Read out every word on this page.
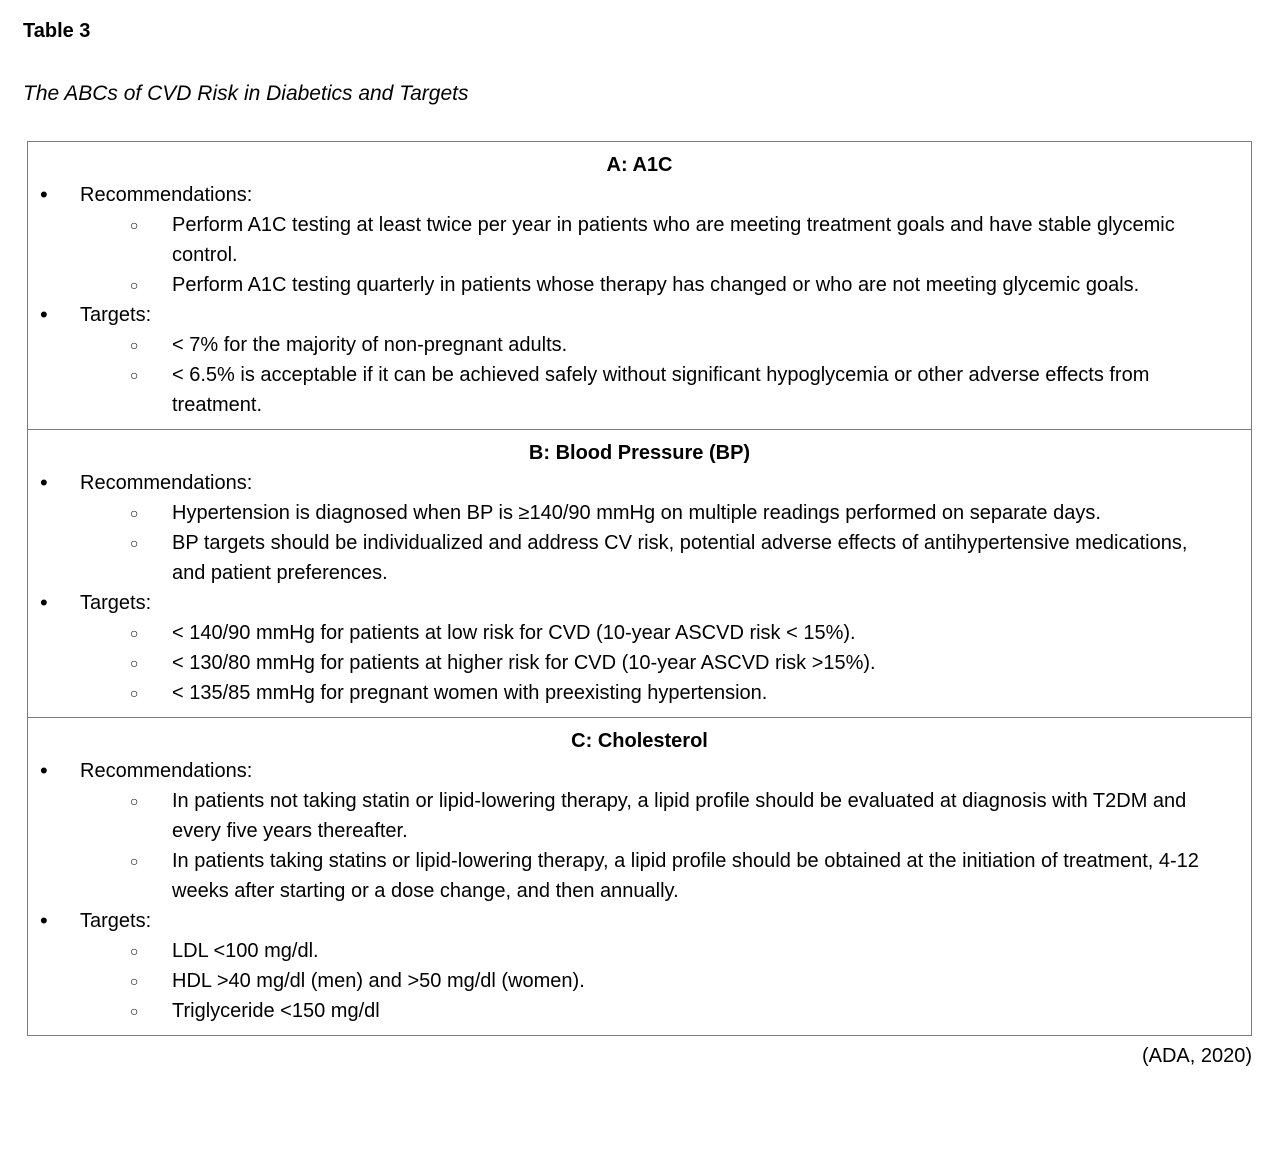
Table 3
The ABCs of CVD Risk in Diabetics and Targets
A: A1C
•	Recommendations:
○	Perform A1C testing at least twice per year in patients who are meeting treatment goals and have stable glycemic control.
○	Perform A1C testing quarterly in patients whose therapy has changed or who are not meeting glycemic goals.
•	Targets:
○	< 7% for the majority of non-pregnant adults.
○	< 6.5% is acceptable if it can be achieved safely without significant hypoglycemia or other adverse effects from treatment.
B: Blood Pressure (BP)
•	Recommendations:
○	Hypertension is diagnosed when BP is ≥140/90 mmHg on multiple readings performed on separate days.
○	BP targets should be individualized and address CV risk, potential adverse effects of antihypertensive medications, and patient preferences.
•	Targets:
○	< 140/90 mmHg for patients at low risk for CVD (10-year ASCVD risk < 15%).
○	< 130/80 mmHg for patients at higher risk for CVD (10-year ASCVD risk >15%).
○	< 135/85 mmHg for pregnant women with preexisting hypertension.
C: Cholesterol
•	Recommendations:
○	In patients not taking statin or lipid-lowering therapy, a lipid profile should be evaluated at diagnosis with T2DM and every five years thereafter.
○	In patients taking statins or lipid-lowering therapy, a lipid profile should be obtained at the initiation of treatment, 4-12 weeks after starting or a dose change, and then annually.
•	Targets:
○	LDL <100 mg/dl.
○	HDL >40 mg/dl (men) and >50 mg/dl (women).
○	Triglyceride <150 mg/dl
(ADA, 2020)
